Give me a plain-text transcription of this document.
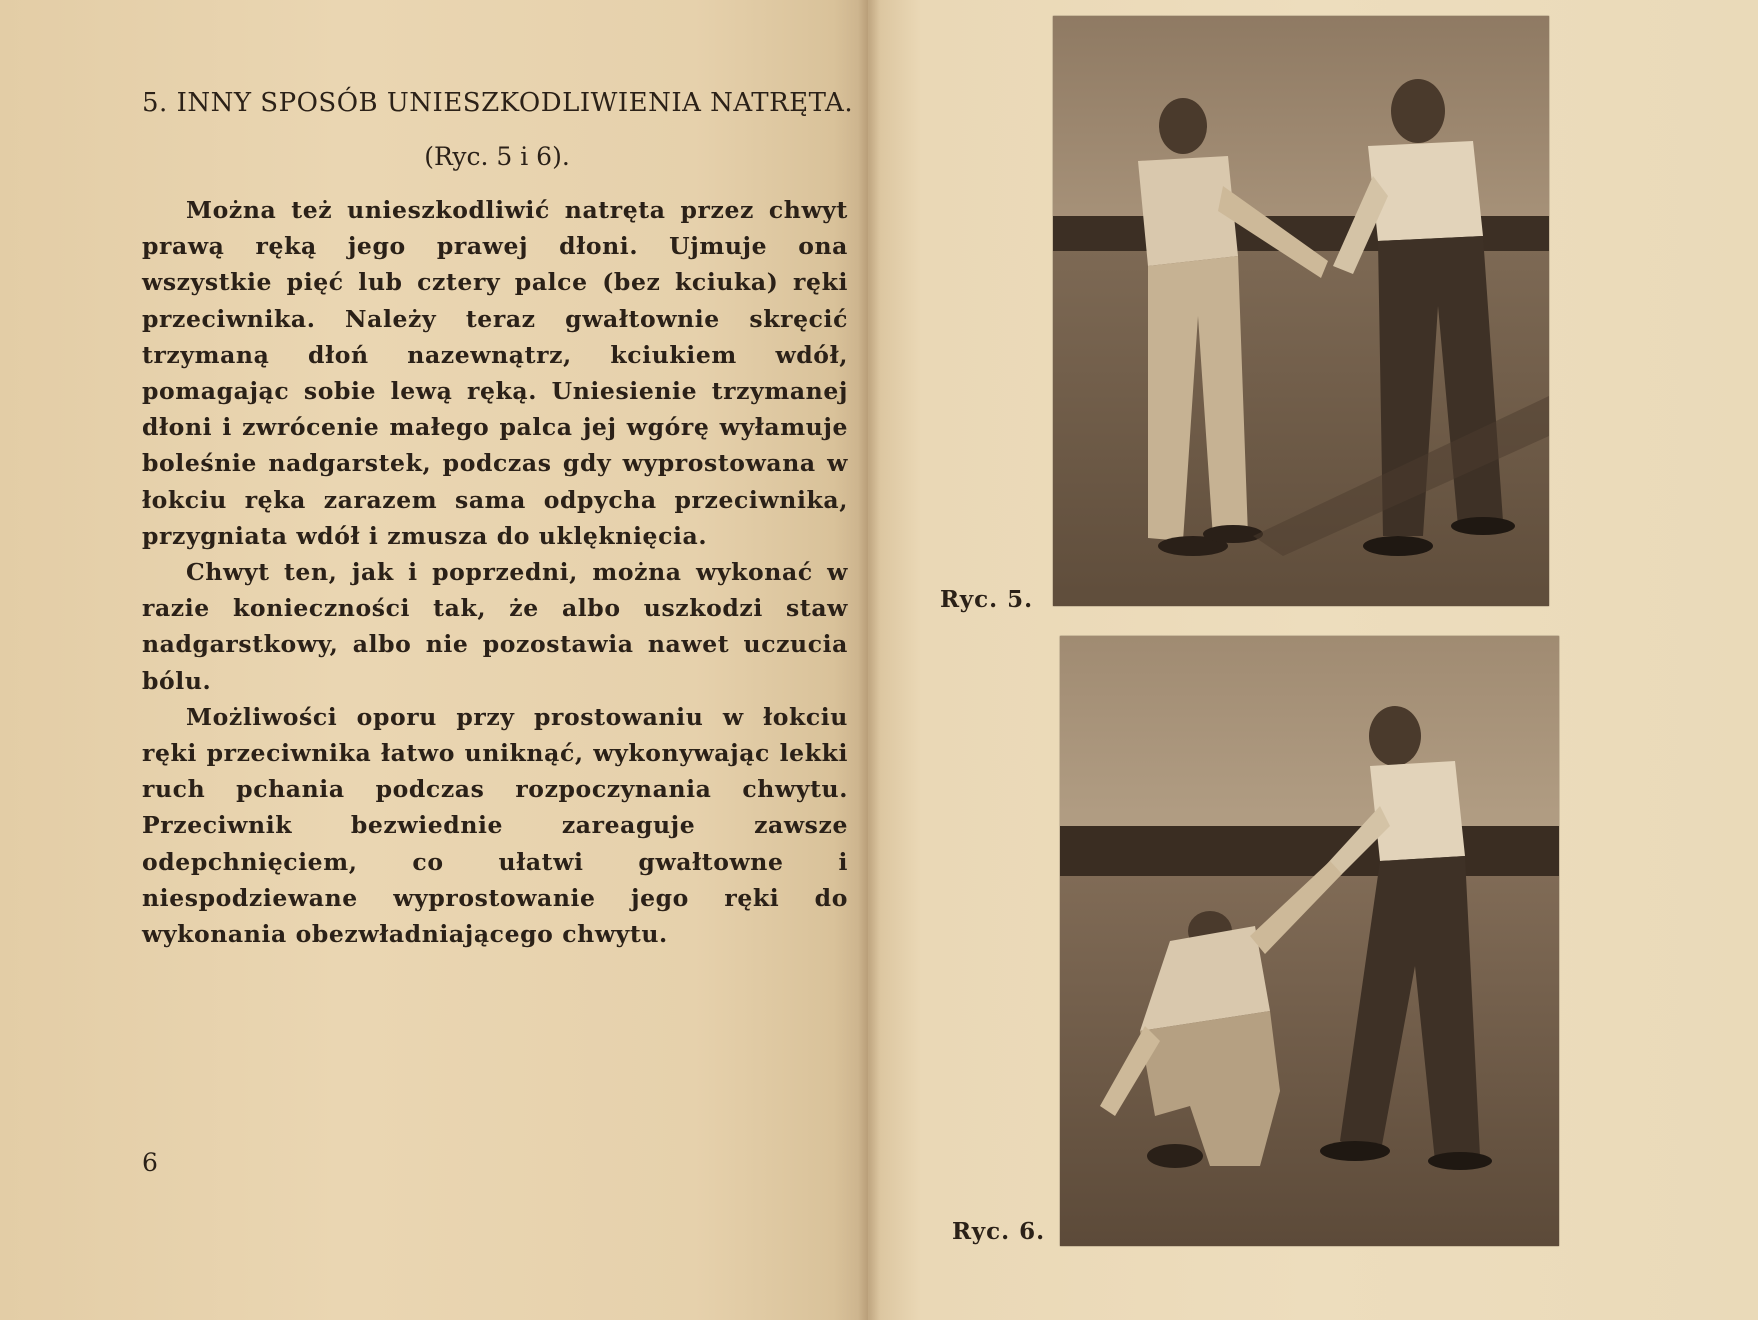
5. INNY SPOSÓB UNIESZKODLIWIENIA NATRĘTA.
(Ryc. 5 i 6).

Można też unieszkodliwić natręta przez chwyt prawą ręką jego prawej dłoni. Ujmuje ona wszystkie pięć lub cztery palce (bez kciuka) ręki przeciwnika. Należy teraz gwałtownie skręcić trzymaną dłoń nazewnątrz, kciukiem wdół, pomagając sobie lewą ręką. Uniesienie trzymanej dłoni i zwrócenie małego palca jej wgórę wyłamuje boleśnie nadgarstek, podczas gdy wyprostowana w łokciu ręka zarazem sama odpycha przeciwnika, przygniata wdół i zmusza do uklęknięcia.

Chwyt ten, jak i poprzedni, można wykonać w razie konieczności tak, że albo uszkodzi staw nadgarstkowy, albo nie pozostawia nawet uczucia bólu.

Możliwości oporu przy prostowaniu w łokciu ręki przeciwnika łatwo uniknąć, wykonywając lekki ruch pchania podczas rozpoczynania chwytu. Przeciwnik bezwiednie zareaguje zawsze odepchnięciem, co ułatwi gwałtowne i niespodziewane wyprostowanie jego ręki do wykonania obezwładniającego chwytu.

6
Ryc. 5.
Ryc. 6.
